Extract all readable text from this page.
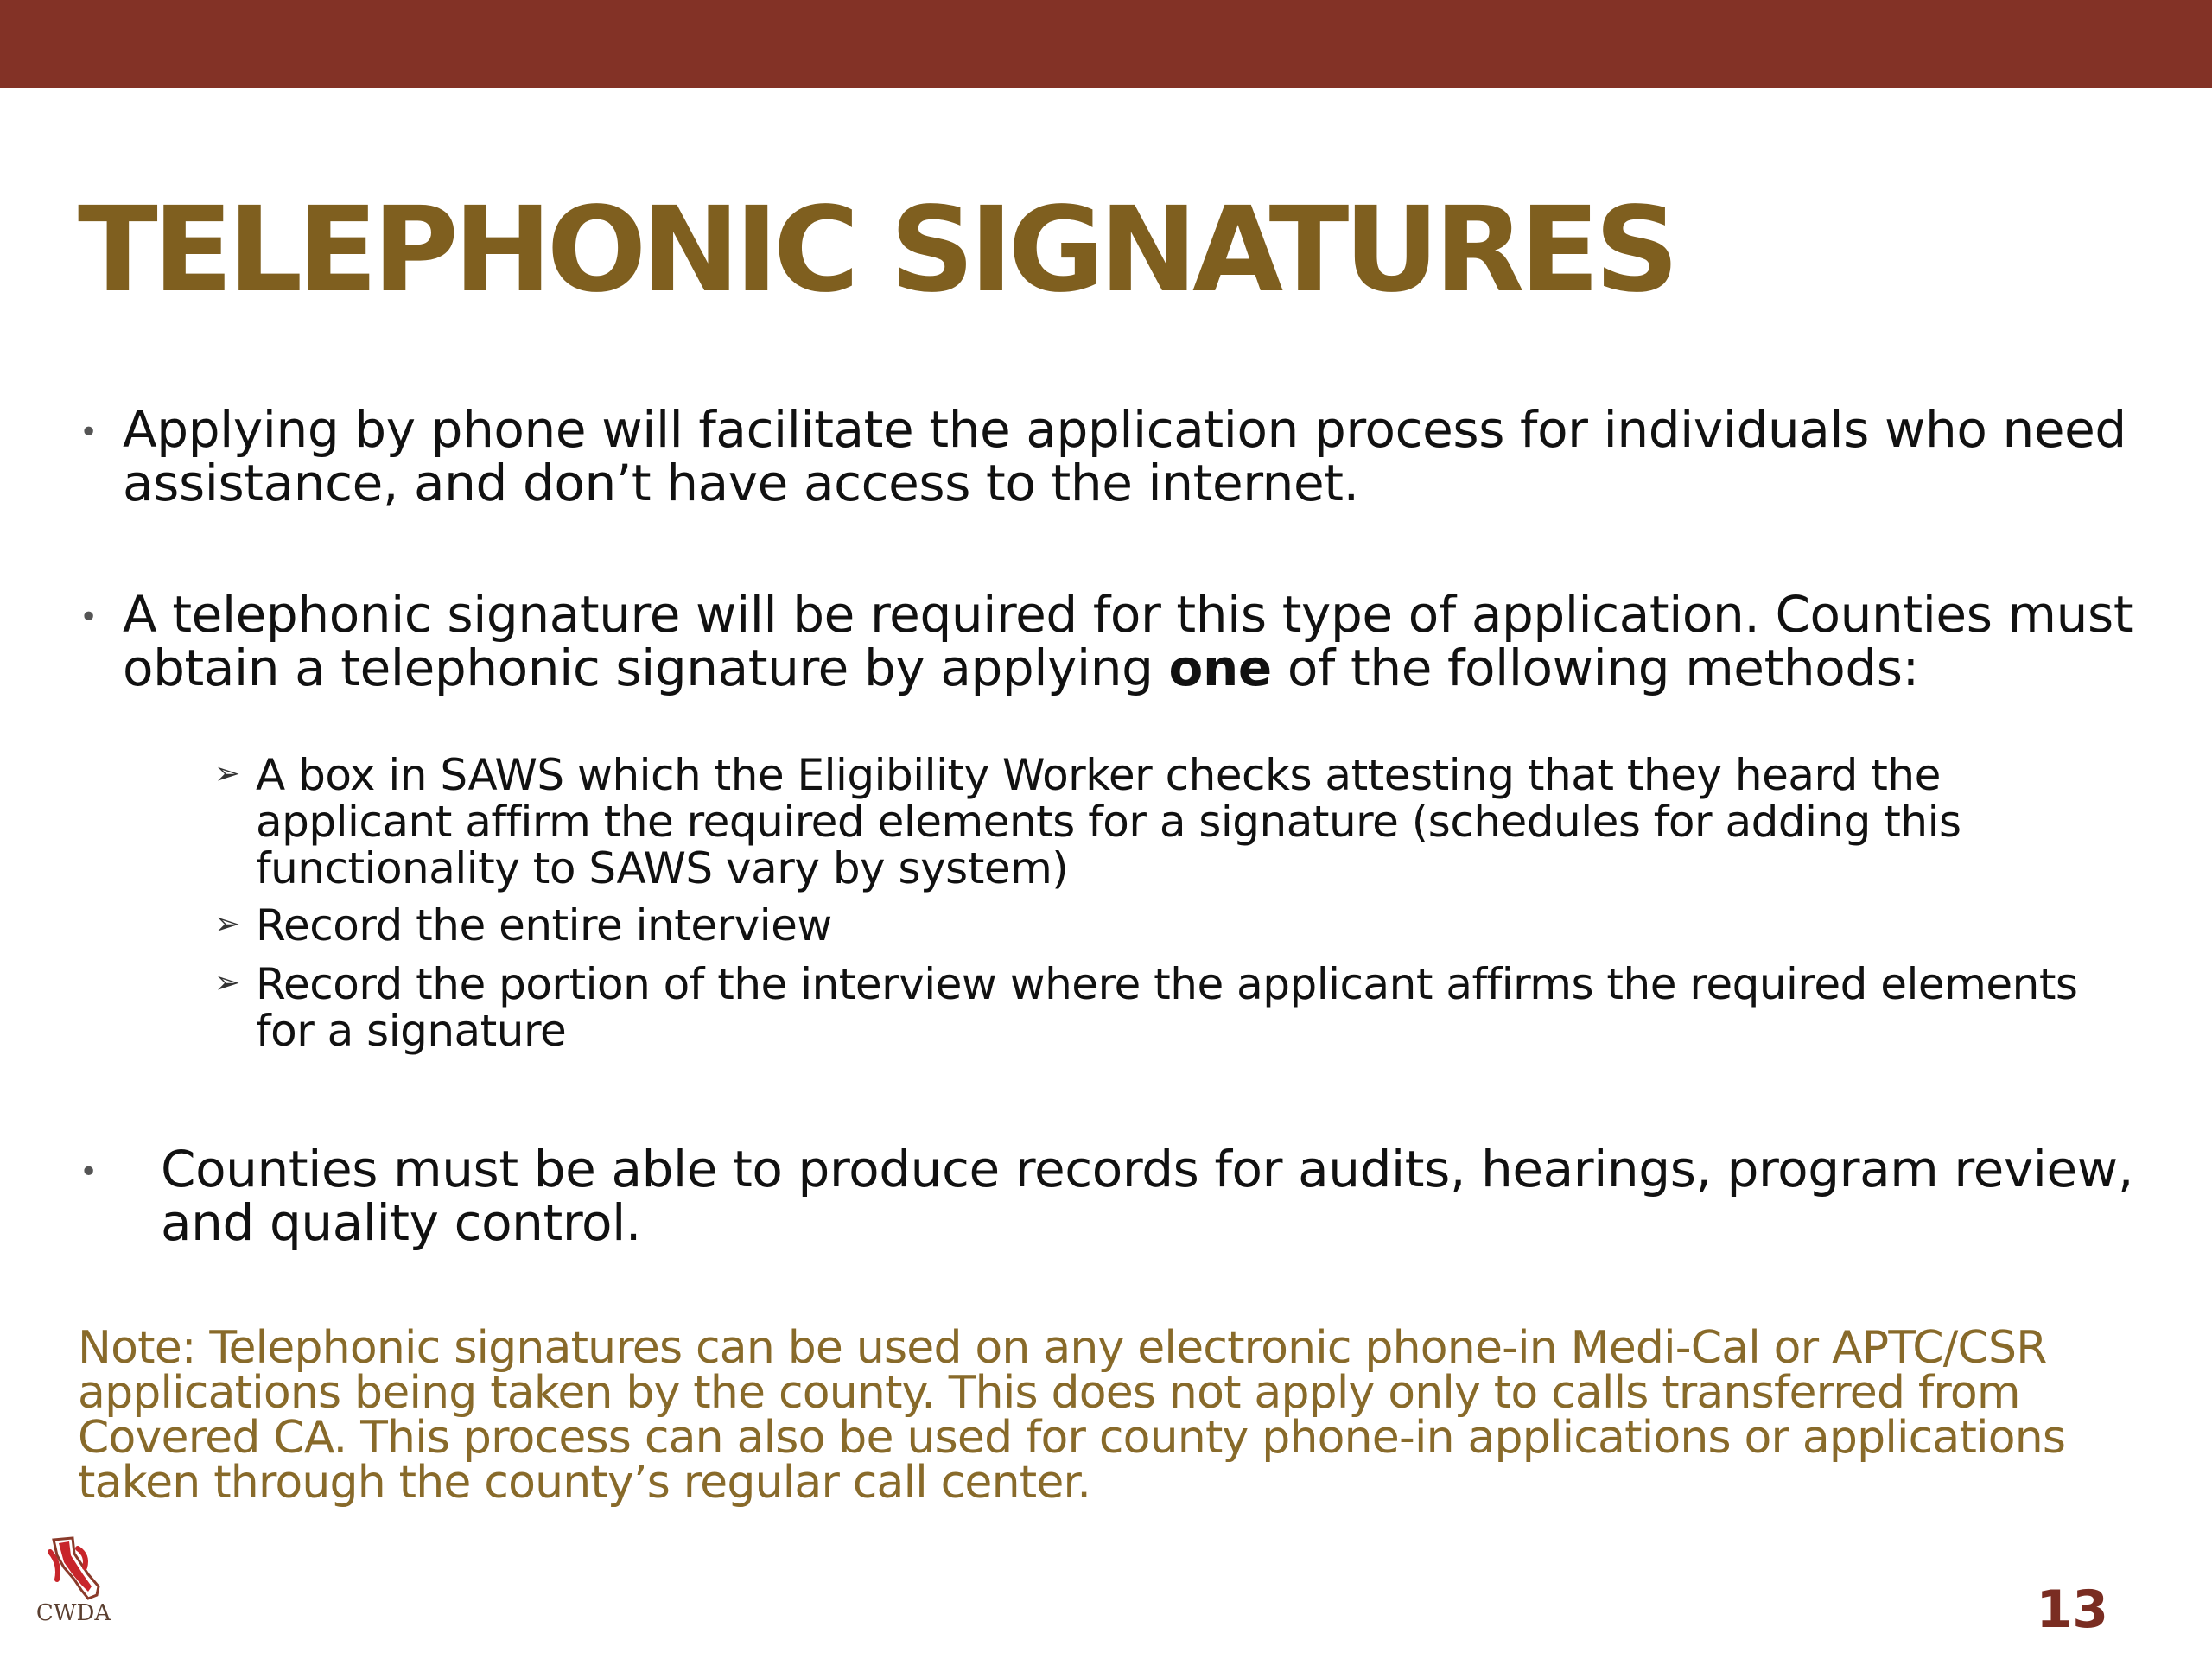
TELEPHONIC SIGNATURES
• Applying by phone will facilitate the application process for individuals who need assistance, and don’t have access to the internet.
• A telephonic signature will be required for this type of application. Counties must obtain a telephonic signature by applying one of the following methods:
➢ A box in SAWS which the Eligibility Worker checks attesting that they heard the applicant affirm the required elements for a signature (schedules for adding this functionality to SAWS vary by system)
➢ Record the entire interview
➢ Record the portion of the interview where the applicant affirms the required elements for a signature
• Counties must be able to produce records for audits, hearings, program review, and quality control.
Note: Telephonic signatures can be used on any electronic phone-in Medi-Cal or APTC/CSR applications being taken by the county. This does not apply only to calls transferred from Covered CA. This process can also be used for county phone-in applications or applications taken through the county’s regular call center.
CWDA	13
